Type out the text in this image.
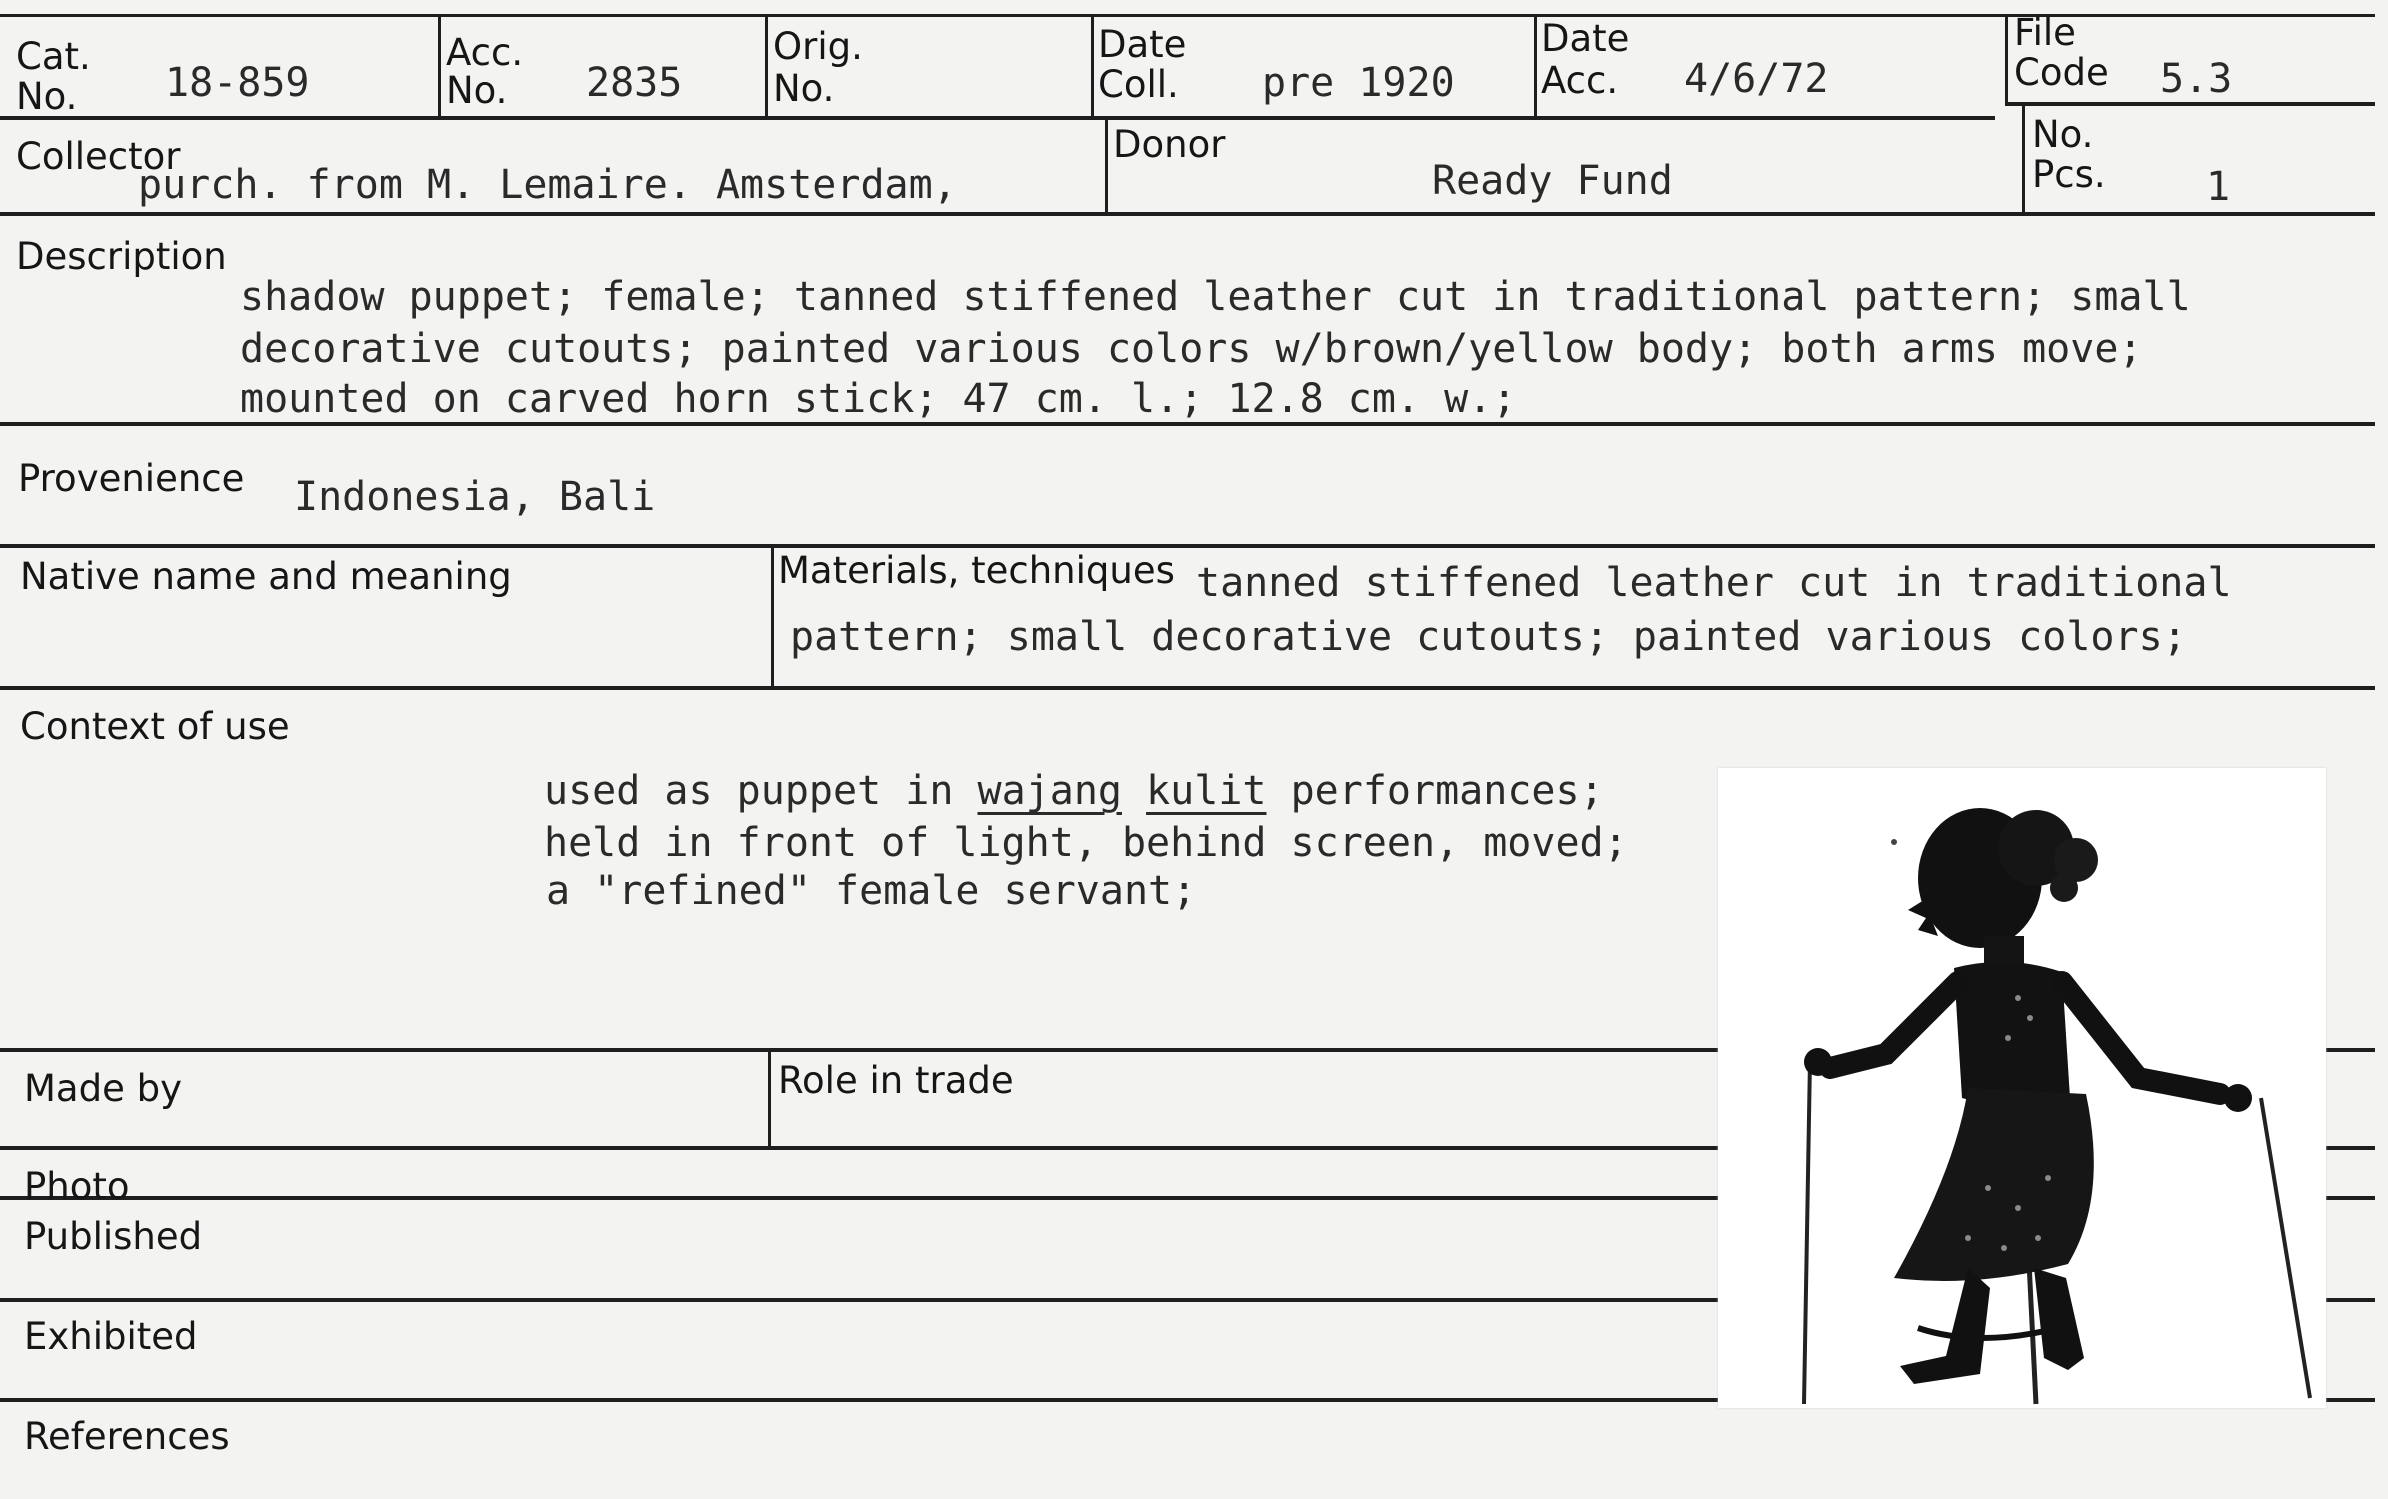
Cat.
No. 18-859
Acc.
No. 2835
Orig.
No.
Date
Coll. pre 1920
Date
Acc. 4/6/72
File
Code 5.3
Collector
purch. from M. Lemaire. Amsterdam,
Donor
Ready Fund
No.
Pcs.	1
Description
shadow puppet; female; tanned stiffened leather cut in traditional pattern; small
decorative cutouts; painted various colors w/brown/yellow body; both arms move;
mounted on carved horn stick; 47 cm. l.; 12.8 cm. w.;
Provenience Indonesia, Bali
Native name and meaning	Materials, techniques tanned stiffened leather cut in traditional
pattern; small decorative cutouts; painted various colors;
Context of use
used as puppet in wajang kulit performances;
held in front of light, behind screen, moved;
a "refined" female servant;
Made by	Role in trade
Photo
Published
Exhibited
References
